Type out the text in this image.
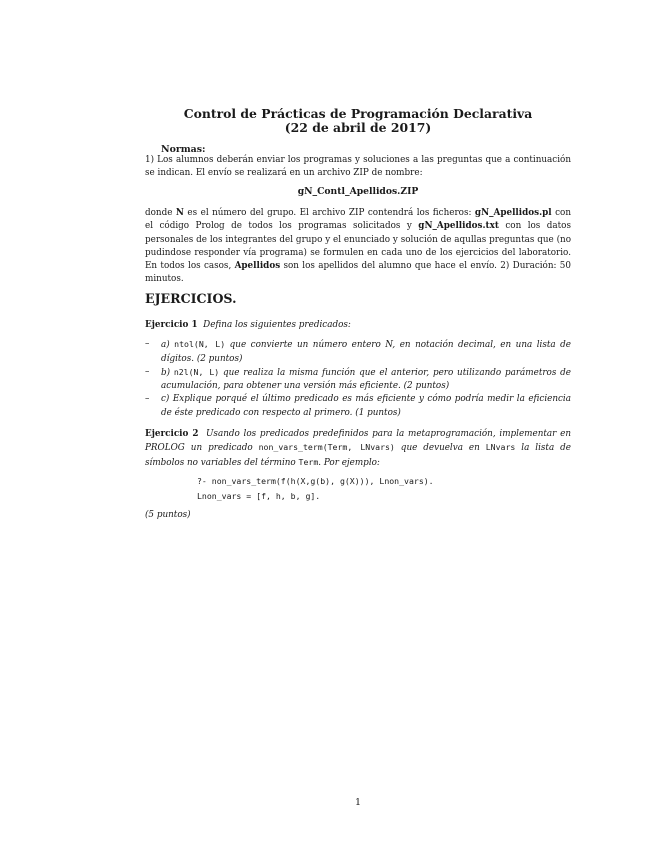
Control de Prácticas de Programación Declarativa
(22 de abril de 2017)
Normas:

1) Los alumnos deberán enviar los programas y soluciones a las preguntas que a continuación se indican. El envío se realizará en un archivo ZIP de nombre:

gN_Contl_Apellidos.ZIP

donde N es el número del grupo. El archivo ZIP contendrá los ficheros: gN_Apellidos.pl con el código Prolog de todos los programas solicitados y gN_Apellidos.txt con los datos personales de los integrantes del grupo y el enunciado y solución de aqullas preguntas que (no pudindose responder vía programa) se formulen en cada uno de los ejercicios del laboratorio. En todos los casos, Apellidos son los apellidos del alumno que hace el envío. 2) Duración: 50 minutos.

EJERCICIOS.

Ejercicio 1 Defina los siguientes predicados:

– a) ntol(N, L) que convierte un número entero N, en notación decimal, en una lista de dígitos. (2 puntos)
– b) n2l(N, L) que realiza la misma función que el anterior, pero utilizando parámetros de acumulación, para obtener una versión más eficiente. (2 puntos)
– c) Explique porqué el último predicado es más eficiente y cómo podría medir la eficiencia de éste predicado con respecto al primero. (1 puntos)

Ejercicio 2 Usando los predicados predefinidos para la metaprogramación, implementar en PROLOG un predicado non_vars_term(Term, LNvars) que devuelva en LNvars la lista de símbolos no variables del término Term. Por ejemplo:

?- non_vars_term(f(h(X,g(b), g(X))), Lnon_vars).
Lnon_vars = [f, h, b, g].
(5 puntos)
1
